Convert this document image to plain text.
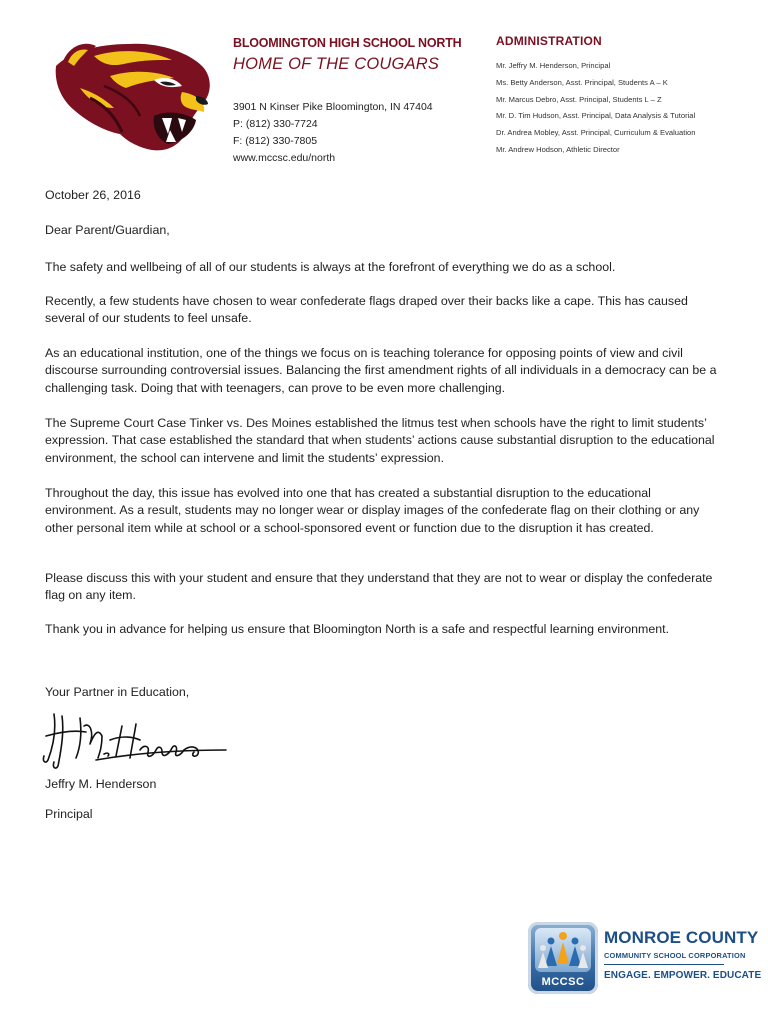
BLOOMINGTON HIGH SCHOOL NORTH
HOME OF THE COUGARS
3901 N Kinser Pike Bloomington, IN 47404
P: (812) 330-7724
F: (812) 330-7805
www.mccsc.edu/north
ADMINISTRATION
Mr. Jeffry M. Henderson, Principal
Ms. Betty Anderson, Asst. Principal, Students A – K
Mr. Marcus Debro, Asst. Principal, Students L – Z
Mr. D. Tim Hudson, Asst. Principal, Data Analysis & Tutorial
Dr. Andrea Mobley, Asst. Principal, Curriculum & Evaluation
Mr. Andrew Hodson, Athletic Director

October 26, 2016

Dear Parent/Guardian,

The safety and wellbeing of all of our students is always at the forefront of everything we do as a school.

Recently, a few students have chosen to wear confederate flags draped over their backs like a cape. This has caused several of our students to feel unsafe.

As an educational institution, one of the things we focus on is teaching tolerance for opposing points of view and civil discourse surrounding controversial issues. Balancing the first amendment rights of all individuals in a democracy can be a challenging task. Doing that with teenagers, can prove to be even more challenging.

The Supreme Court Case Tinker vs. Des Moines established the litmus test when schools have the right to limit students’ expression. That case established the standard that when students’ actions cause substantial disruption to the educational environment, the school can intervene and limit the students’ expression.

Throughout the day, this issue has evolved into one that has created a substantial disruption to the educational environment. As a result, students may no longer wear or display images of the confederate flag on their clothing or any other personal item while at school or a school-sponsored event or function due to the disruption it has created.

Please discuss this with your student and ensure that they understand that they are not to wear or display the confederate flag on any item.

Thank you in advance for helping us ensure that Bloomington North is a safe and respectful learning environment.

Your Partner in Education,
Jeffry M. Henderson
Principal
MCCSC
MONROE COUNTY
COMMUNITY SCHOOL CORPORATION
ENGAGE. EMPOWER. EDUCATE
